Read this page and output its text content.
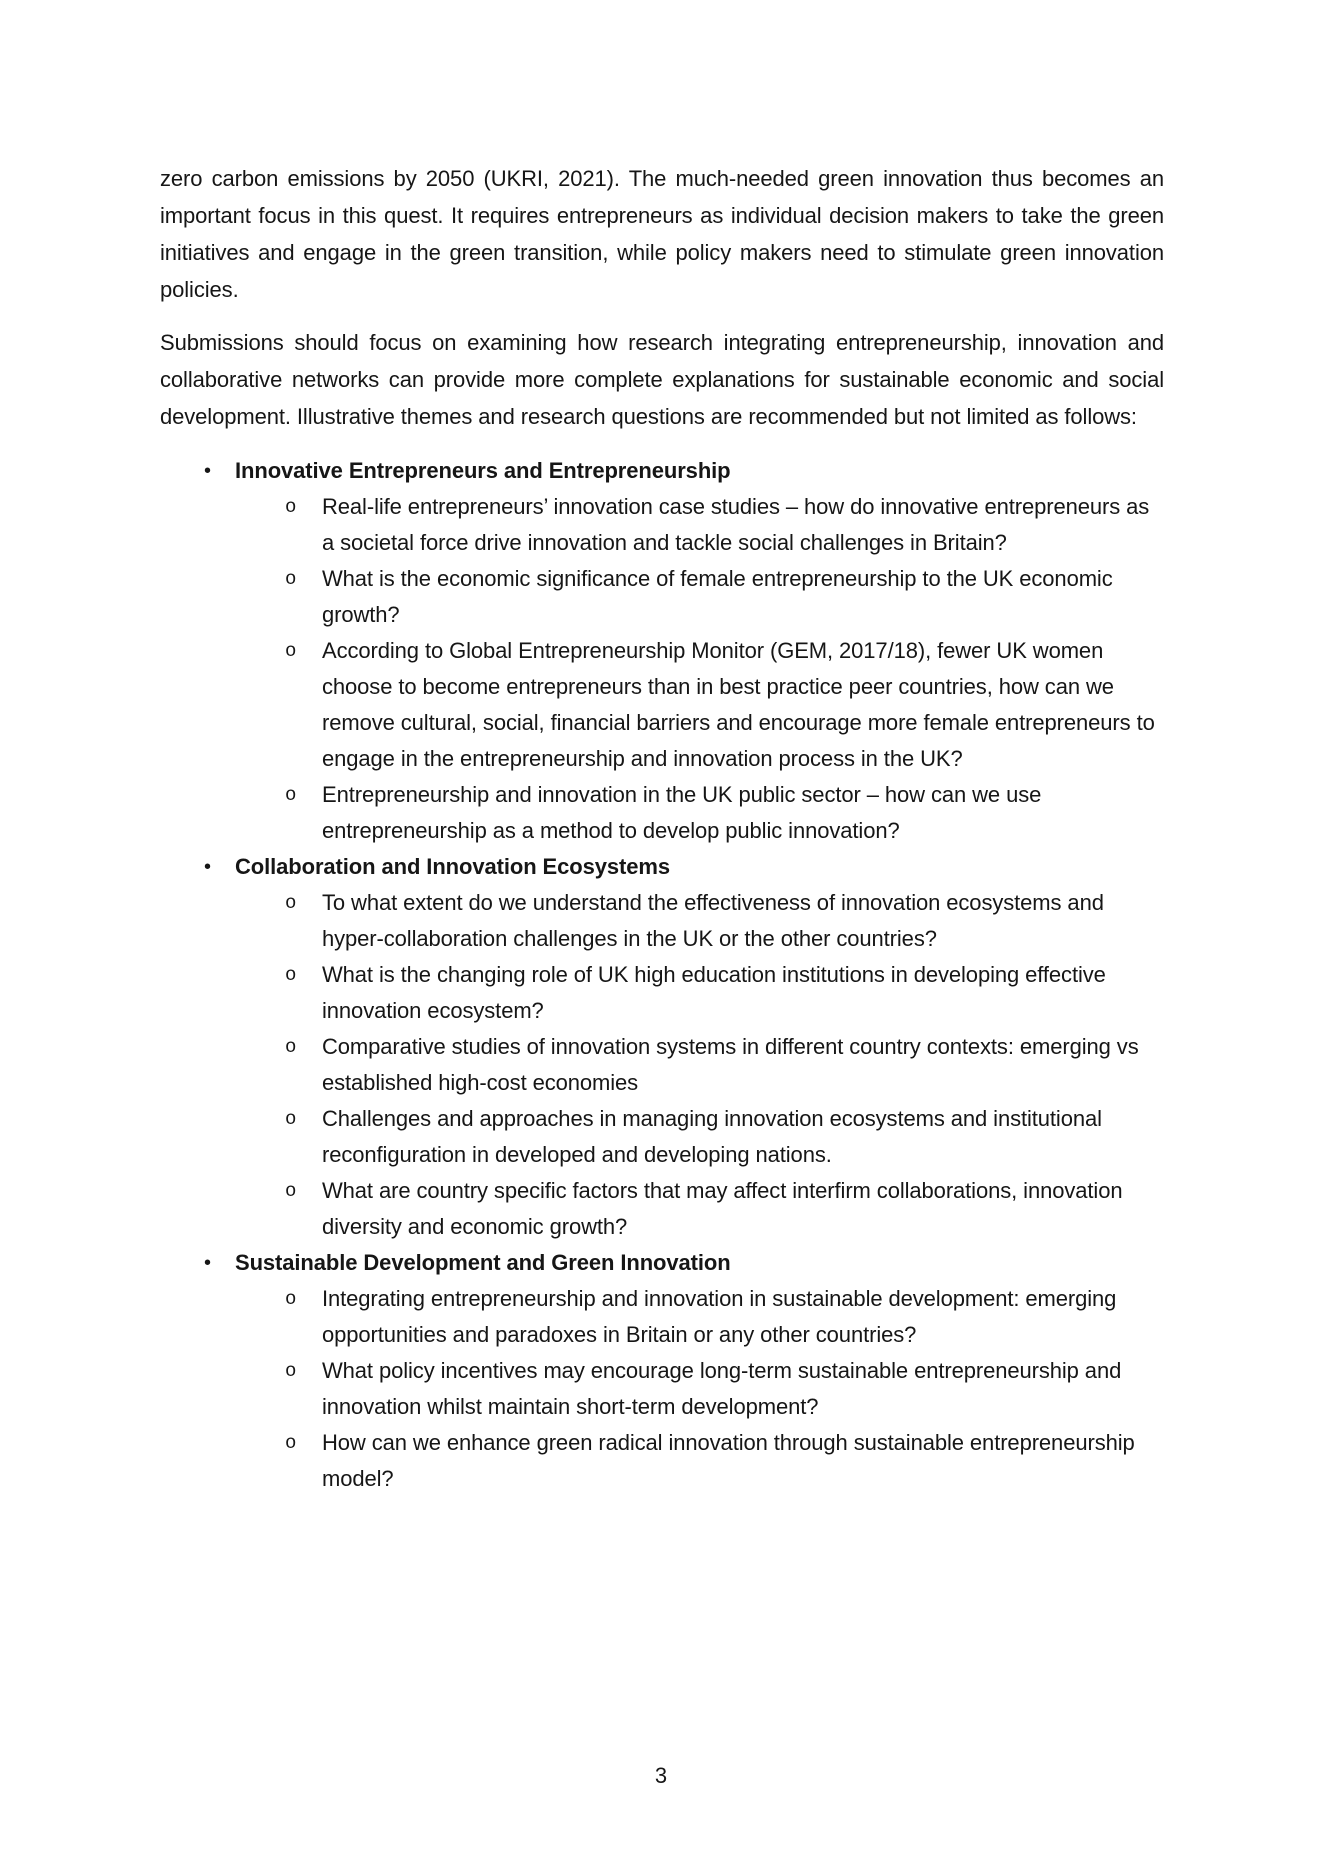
zero carbon emissions by 2050 (UKRI, 2021). The much-needed green innovation thus becomes an important focus in this quest. It requires entrepreneurs as individual decision makers to take the green initiatives and engage in the green transition, while policy makers need to stimulate green innovation policies.

Submissions should focus on examining how research integrating entrepreneurship, innovation and collaborative networks can provide more complete explanations for sustainable economic and social development. Illustrative themes and research questions are recommended but not limited as follows:

•	Innovative Entrepreneurs and Entrepreneurship
o	Real-life entrepreneurs’ innovation case studies – how do innovative entrepreneurs as a societal force drive innovation and tackle social challenges in Britain?
o	What is the economic significance of female entrepreneurship to the UK economic growth?
o	According to Global Entrepreneurship Monitor (GEM, 2017/18), fewer UK women choose to become entrepreneurs than in best practice peer countries, how can we remove cultural, social, financial barriers and encourage more female entrepreneurs to engage in the entrepreneurship and innovation process in the UK?
o	Entrepreneurship and innovation in the UK public sector – how can we use entrepreneurship as a method to develop public innovation?
•	Collaboration and Innovation Ecosystems
o	To what extent do we understand the effectiveness of innovation ecosystems and hyper-collaboration challenges in the UK or the other countries?
o	What is the changing role of UK high education institutions in developing effective innovation ecosystem?
o	Comparative studies of innovation systems in different country contexts: emerging vs established high-cost economies
o	Challenges and approaches in managing innovation ecosystems and institutional reconfiguration in developed and developing nations.
o	What are country specific factors that may affect interfirm collaborations, innovation diversity and economic growth?
•	Sustainable Development and Green Innovation
o	Integrating entrepreneurship and innovation in sustainable development: emerging opportunities and paradoxes in Britain or any other countries?
o	What policy incentives may encourage long-term sustainable entrepreneurship and innovation whilst maintain short-term development?
o	How can we enhance green radical innovation through sustainable entrepreneurship model?
3
